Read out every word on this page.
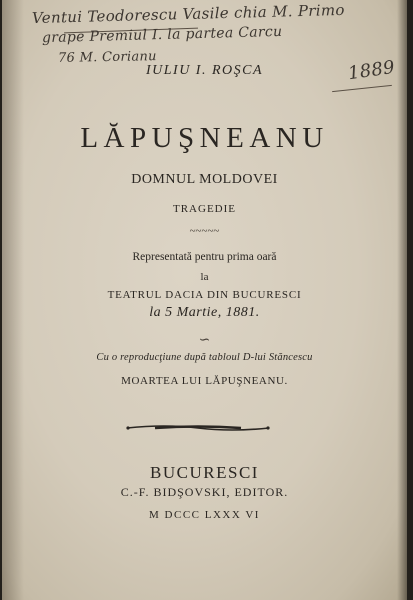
Ventui Teodorescu Vasile chia M. Primo
grape Premiul I. la partea Carcu
76 M. Corianu	1889
IULIU I. ROŞCA
LĂPUŞNEANU
DOMNUL MOLDOVEI
TRAGEDIE
~~~~~
Representată pentru prima oară
la
TEATRUL DACIA DIN BUCURESCI
la 5 Martie, 1881.
∽
Cu o reproducţiune după tabloul D-lui Stăncescu
MOARTEA LUI LĂPUŞNEANU.
BUCURESCI
C.-F. BIDŞOVSKI, EDITOR.
M DCCC LXXX VI
